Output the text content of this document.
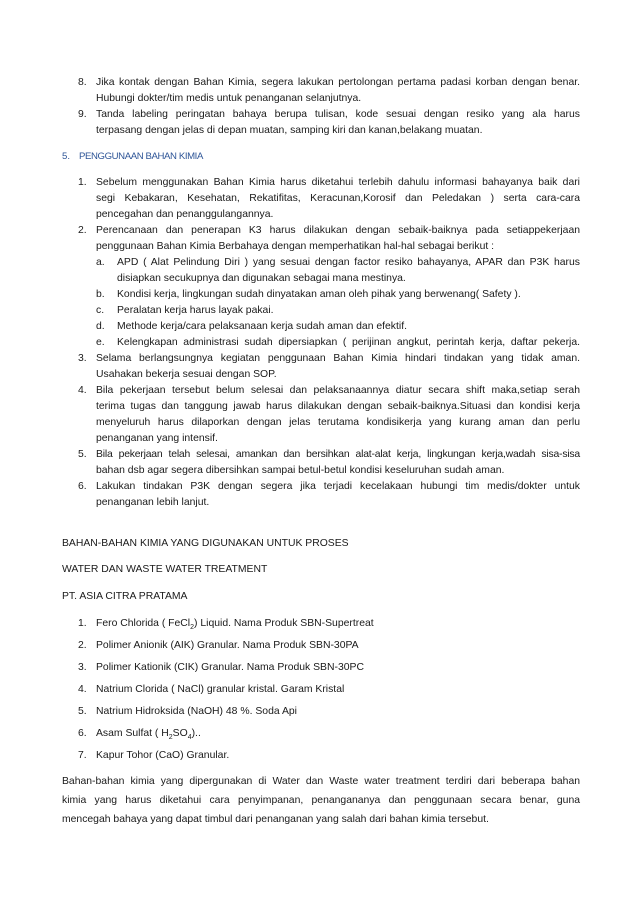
8. Jika kontak dengan Bahan Kimia, segera lakukan pertolongan pertama padasi korban dengan benar.
Hubungi dokter/tim medis untuk penanganan selanjutnya.
9. Tanda labeling peringatan bahaya berupa tulisan, kode sesuai dengan resiko yang ala harus
terpasang dengan jelas di depan muatan, samping kiri dan kanan,belakang muatan.
5. PENGGUNAAN BAHAN KIMIA
1. Sebelum menggunakan Bahan Kimia harus diketahui terlebih dahulu informasi bahayanya baik dari
segi Kebakaran, Kesehatan, Rekatifitas, Keracunan,Korosif dan Peledakan ) serta cara-cara
pencegahan dan penanggulangannya.
2. Perencanaan dan penerapan K3 harus dilakukan dengan sebaik-baiknya pada setiappekerjaan
penggunaan Bahan Kimia Berbahaya dengan memperhatikan hal-hal sebagai berikut :
a. APD ( Alat Pelindung Diri ) yang sesuai dengan factor resiko bahayanya, APAR dan P3K harus
disiapkan secukupnya dan digunakan sebagai mana mestinya.
b. Kondisi kerja, lingkungan sudah dinyatakan aman oleh pihak yang berwenang( Safety ).
c. Peralatan kerja harus layak pakai.
d. Methode kerja/cara pelaksanaan kerja sudah aman dan efektif.
e. Kelengkapan administrasi sudah dipersiapkan ( perijinan angkut, perintah kerja, daftar pekerja.
3. Selama berlangsungnya kegiatan penggunaan Bahan Kimia hindari tindakan yang tidak aman.
Usahakan bekerja sesuai dengan SOP.
4. Bila pekerjaan tersebut belum selesai dan pelaksanaannya diatur secara shift maka,setiap serah
terima tugas dan tanggung jawab harus dilakukan dengan sebaik-baiknya.Situasi dan kondisi kerja
menyeluruh harus dilaporkan dengan jelas terutama kondisikerja yang kurang aman dan perlu
penanganan yang intensif.
5. Bila pekerjaan telah selesai, amankan dan bersihkan alat-alat kerja, lingkungan kerja,wadah sisa-sisa
bahan dsb agar segera dibersihkan sampai betul-betul kondisi keseluruhan sudah aman.
6. Lakukan tindakan P3K dengan segera jika terjadi kecelakaan hubungi tim medis/dokter untuk
penanganan lebih lanjut.
BAHAN-BAHAN KIMIA YANG DIGUNAKAN UNTUK PROSES
WATER DAN WASTE WATER TREATMENT
PT. ASIA CITRA PRATAMA
1. Fero Chlorida ( FeCl$_2$) Liquid. Nama Produk SBN-Supertreat
2. Polimer Anionik (AIK) Granular. Nama Produk SBN-30PA
3. Polimer Kationik (CIK) Granular. Nama Produk SBN-30PC
4. Natrium Clorida ( NaCl) granular kristal. Garam Kristal
5. Natrium Hidroksida (NaOH) 48 %. Soda Api
6. Asam Sulfat ( $H_2SO_4$)..
7. Kapur Tohor (CaO) Granular.
Bahan-bahan kimia yang dipergunakan di Water dan Waste water treatment terdiri dari beberapa bahan
kimia yang harus diketahui cara penyimpanan, penangananya dan penggunaan secara benar, guna
mencegah bahaya yang dapat timbul dari penanganan yang salah dari bahan kimia tersebut.
